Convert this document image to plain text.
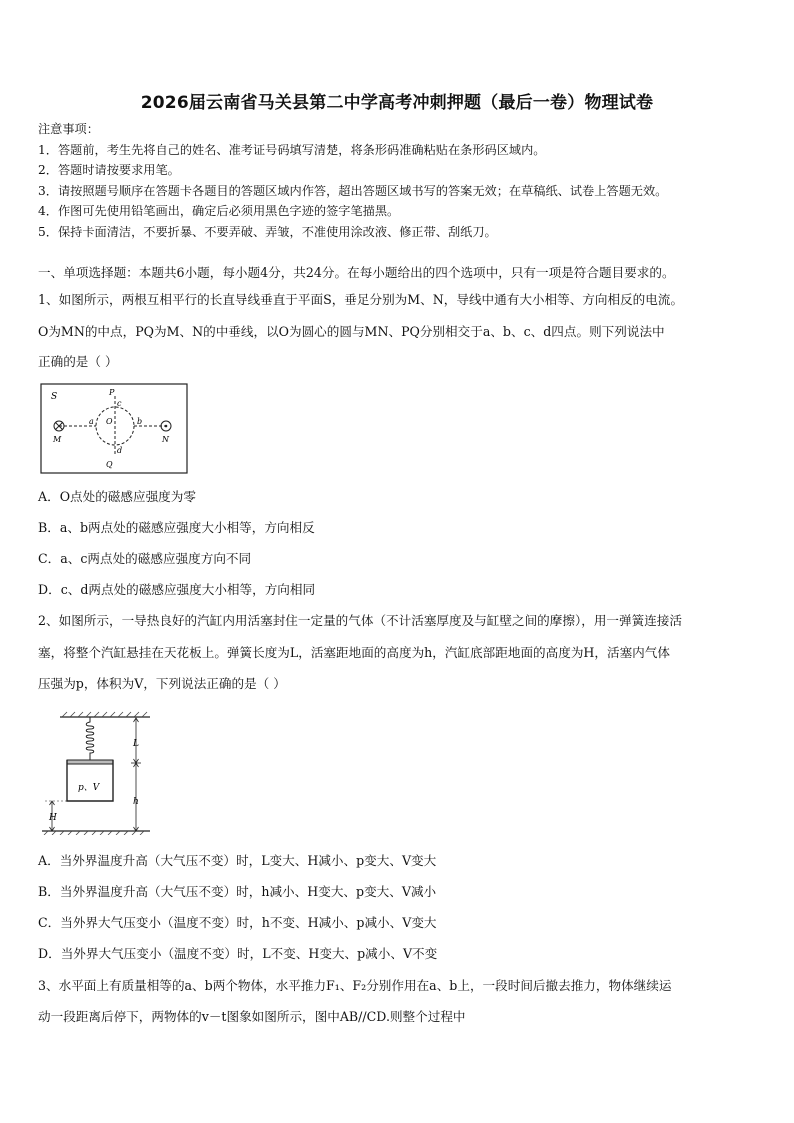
2026届云南省马关县第二中学高考冲刺押题（最后一卷）物理试卷
注意事项：
1．答题前，考生先将自己的姓名、准考证号码填写清楚，将条形码准确粘贴在条形码区域内。
2．答题时请按要求用笔。
3．请按照题号顺序在答题卡各题目的答题区域内作答，超出答题区域书写的答案无效；在草稿纸、试卷上答题无效。
4．作图可先使用铅笔画出，确定后必须用黑色字迹的签字笔描黑。
5．保持卡面清洁，不要折暴、不要弄破、弄皱，不准使用涂改液、修正带、刮纸刀。
一、单项选择题：本题共6小题，每小题4分，共24分。在每小题给出的四个选项中，只有一项是符合题目要求的。
1、如图所示，两根互相平行的长直导线垂直于平面S，垂足分别为M、N，导线中通有大小相等、方向相反的电流。
O为MN的中点，PQ为M、N的中垂线，以O为圆心的圆与MN、PQ分别相交于a、b、c、d四点。则下列说法中
正确的是（ ）
S	P
c
a O	b
M	N
d
Q
A．O点处的磁感应强度为零
B．a、b两点处的磁感应强度大小相等，方向相反
C．a、c两点处的磁感应强度方向不同
D．c、d两点处的磁感应强度大小相等，方向相同
2、如图所示，一导热良好的汽缸内用活塞封住一定量的气体（不计活塞厚度及与缸壁之间的摩擦），用一弹簧连接活
塞，将整个汽缸悬挂在天花板上。弹簧长度为L，活塞距地面的高度为h，汽缸底部距地面的高度为H，活塞内气体
压强为p，体积为V，下列说法正确的是（ ）
p、V
L
h
H
A．当外界温度升高（大气压不变）时，L变大、H减小、p变大、V变大
B．当外界温度升高（大气压不变）时，h减小、H变大、p变大、V减小
C．当外界大气压变小（温度不变）时，h不变、H减小、p减小、V变大
D．当外界大气压变小（温度不变）时，L不变、H变大、p减小、V不变
3、水平面上有质量相等的a、b两个物体，水平推力F₁、F₂分别作用在a、b上，一段时间后撤去推力，物体继续运
动一段距离后停下，两物体的v－t图象如图所示，图中AB//CD.则整个过程中
